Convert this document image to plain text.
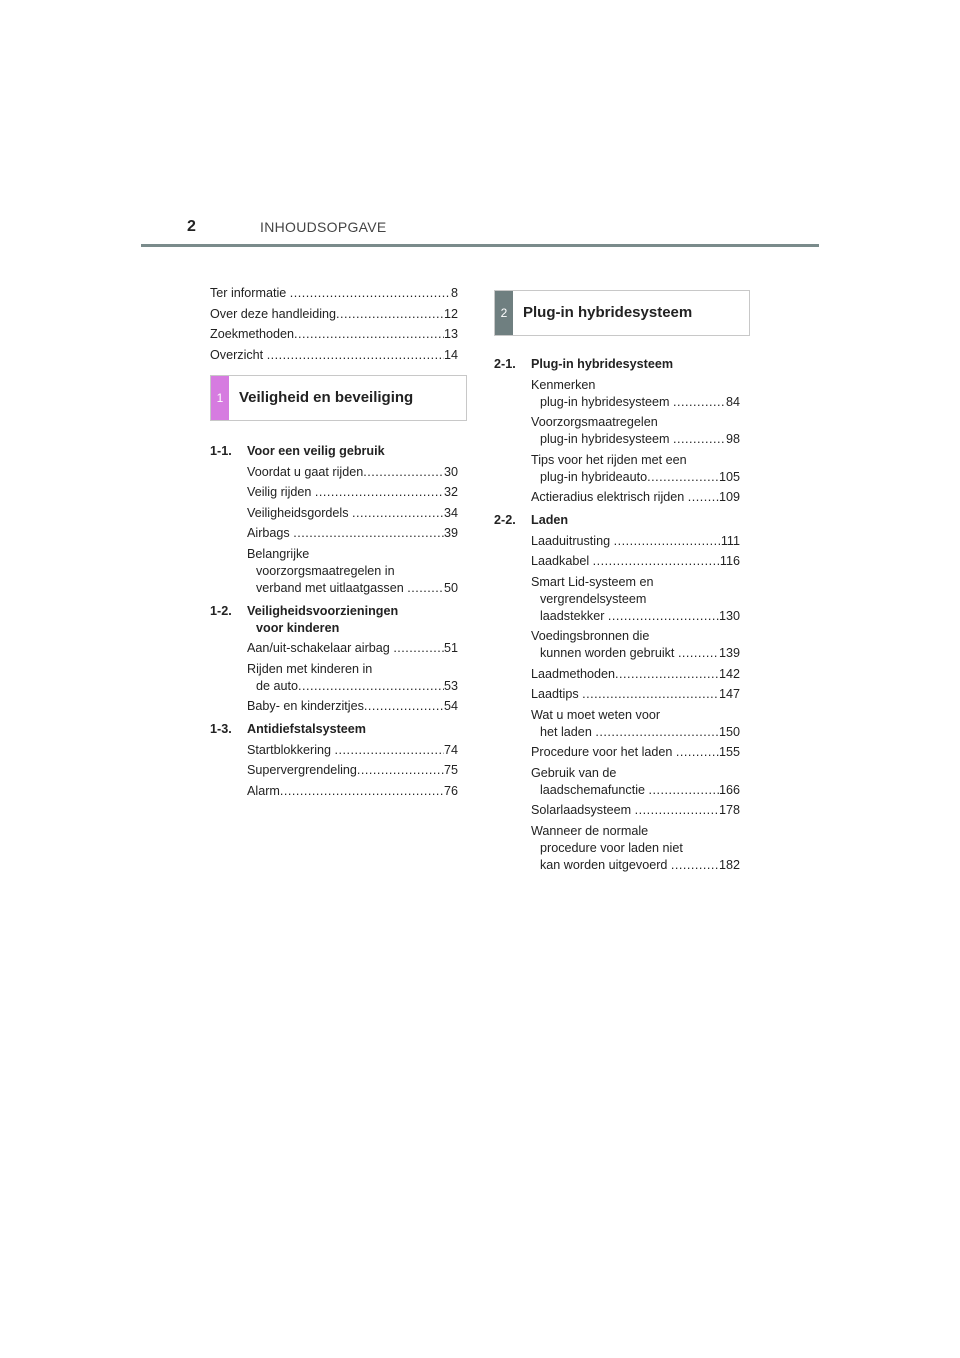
2	INHOUDSOPGAVE
Ter informatie .....	8
Over deze handleiding .....	12
Zoekmethoden .....	13
Overzicht .....	14
1 Veiligheid en beveiliging
1-1.	Voor een veilig gebruik
Voordat u gaat rijden .....	30
Veilig rijden .....	32
Veiligheidsgordels .....	34
Airbags .....	39
Belangrijke
voorzorgsmaatregelen in
verband met uitlaatgassen .....	50
1-2.	Veiligheidsvoorzieningen
voor kinderen
Aan/uit-schakelaar airbag .....	51
Rijden met kinderen in
de auto .....	53
Baby- en kinderzitjes .....	54
1-3.	Antidiefstalsysteem
Startblokkering .....	74
Supervergrendeling .....	75
Alarm .....	76
2 Plug-in hybridesysteem
2-1.	Plug-in hybridesysteem
Kenmerken
plug-in hybridesysteem .....	84
Voorzorgsmaatregelen
plug-in hybridesysteem .....	98
Tips voor het rijden met een
plug-in hybrideauto .....	105
Actieradius elektrisch rijden ..... 109
2-2.	Laden
Laaduitrusting .....	111
Laadkabel .....	116
Smart Lid-systeem en
vergrendelsysteem
laadstekker .....	130
Voedingsbronnen die
kunnen worden gebruikt .....	139
Laadmethoden .....	142
Laadtips .....	147
Wat u moet weten voor
het laden .....	150
Procedure voor het laden .....	155
Gebruik van de
laadschemafunctie .....	166
Solarlaadsysteem .....	178
Wanneer de normale
procedure voor laden niet
kan worden uitgevoerd .....	182
